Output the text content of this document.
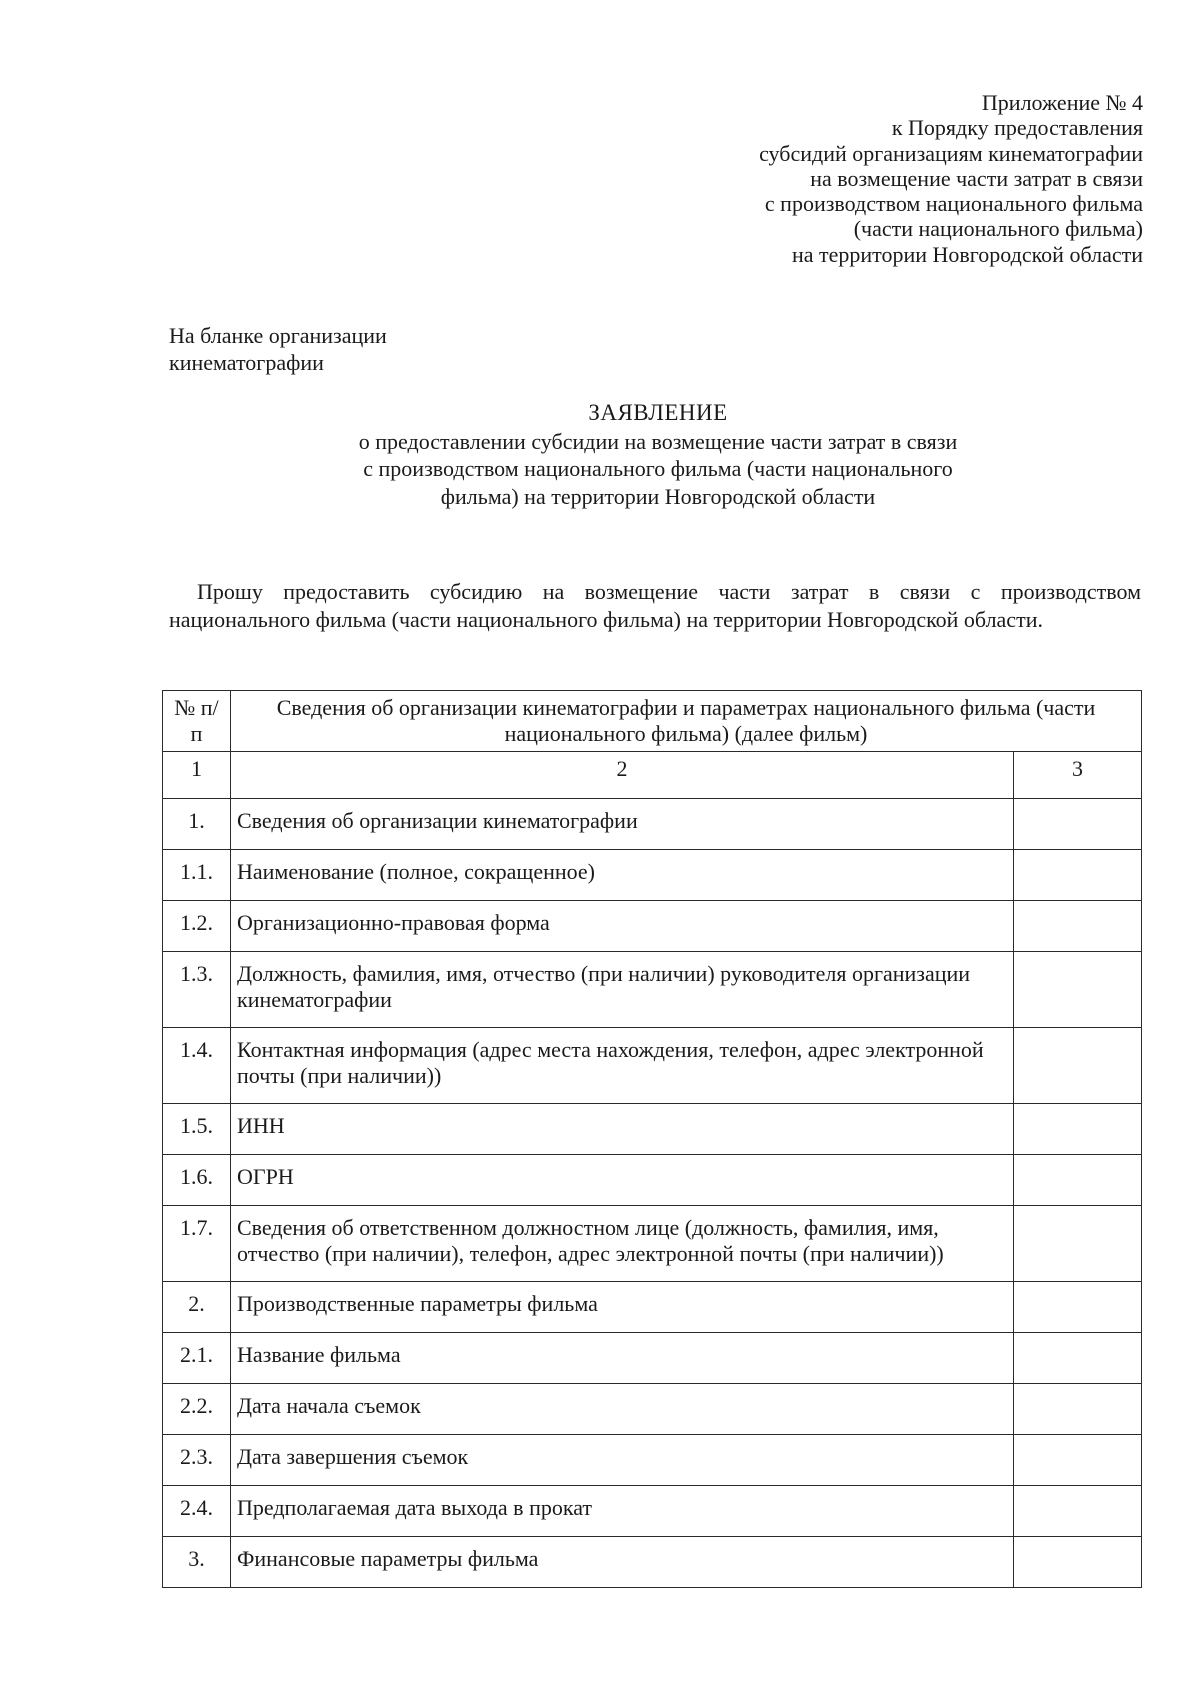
Приложение № 4
к Порядку предоставления
субсидий организациям кинематографии
на возмещение части затрат в связи
с производством национального фильма
(части национального фильма)
на территории Новгородской области
На бланке организации
кинематографии
ЗАЯВЛЕНИЕ
о предоставлении субсидии на возмещение части затрат в связи
с производством национального фильма (части национального
фильма) на территории Новгородской области
Прошу предоставить субсидию на возмещение части затрат в связи с производством
национального фильма (части национального фильма) на территории Новгородской области.
№ п/п	Сведения об организации кинематографии и параметрах национального фильма (части национального фильма) (далее фильм)	
1	2	3
1.	Сведения об организации кинематографии	
1.1.	Наименование (полное, сокращенное)	
1.2.	Организационно-правовая форма	
1.3.	Должность, фамилия, имя, отчество (при наличии) руководителя организации кинематографии	
1.4.	Контактная информация (адрес места нахождения, телефон, адрес электронной почты (при наличии))	
1.5.	ИНН	
1.6.	ОГРН	
1.7.	Сведения об ответственном должностном лице (должность, фамилия, имя, отчество (при наличии), телефон, адрес электронной почты (при наличии))	
2.	Производственные параметры фильма	
2.1.	Название фильма	
2.2.	Дата начала съемок	
2.3.	Дата завершения съемок	
2.4.	Предполагаемая дата выхода в прокат	
3.	Финансовые параметры фильма	
